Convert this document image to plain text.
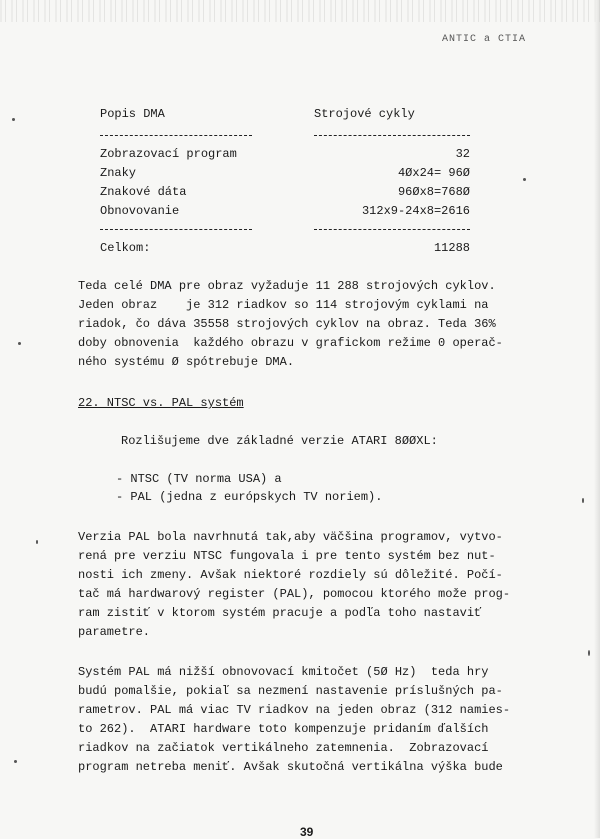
ANTIC a CTIA
Popis DMA	Strojové cykly
Zobrazovací program	32
Znaky	4Øx24= 96Ø
Znakové dáta	96Øx8=768Ø
Obnovovanie	312x9-24x8=2616
Celkom:	11288
Teda celé DMA pre obraz vyžaduje 11 288 strojových cyklov.
Jeden obraz    je 312 riadkov so 114 strojovým cyklami na
riadok, čo dáva 35558 strojových cyklov na obraz. Teda 36%
doby obnovenia  každého obrazu v grafickom režime 0 operač-
ného systému Ø spótrebuje DMA.
22. NTSC vs. PAL systém
Rozlišujeme dve základné verzie ATARI 8ØØXL:
- NTSC (TV norma USA) a
- PAL (jedna z európskych TV noriem).
Verzia PAL bola navrhnutá tak,aby väčšina programov, vytvo-
rená pre verziu NTSC fungovala i pre tento systém bez nut-
nosti ich zmeny. Avšak niektoré rozdiely sú dôležité. Počí-
tač má hardwarový register (PAL), pomocou ktorého može prog-
ram zistiť v ktorom systém pracuje a podľa toho nastaviť
parametre.
Systém PAL má nižší obnovovací kmitočet (5Ø Hz)  teda hry
budú pomalšie, pokiaľ sa nezmení nastavenie príslušných pa-
rametrov. PAL má viac TV riadkov na jeden obraz (312 namies-
to 262).  ATARI hardware toto kompenzuje pridaním ďalších
riadkov na začiatok vertikálneho zatemnenia.  Zobrazovací
program netreba meniť. Avšak skutočná vertikálna výška bude
39
